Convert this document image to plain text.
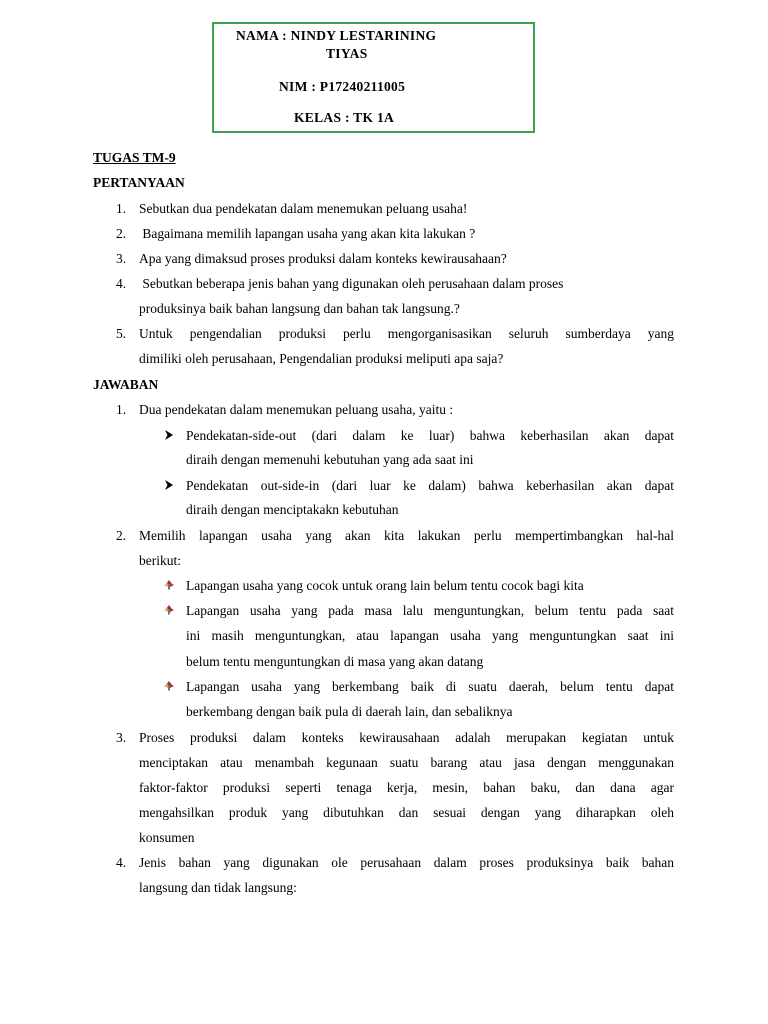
NAMA : NINDY LESTARINING
TIYAS
NIM : P17240211005
KELAS : TK 1A
TUGAS TM-9
PERTANYAAN
1. Sebutkan dua pendekatan dalam menemukan peluang usaha!
2. Bagaimana memilih lapangan usaha yang akan kita lakukan ?
3. Apa yang dimaksud proses produksi dalam konteks kewirausahaan?
4. Sebutkan beberapa jenis bahan yang digunakan oleh perusahaan dalam proses
produksinya baik bahan langsung dan bahan tak langsung.?
5. Untuk pengendalian produksi perlu mengorganisasikan seluruh sumberdaya yang
dimiliki oleh perusahaan, Pengendalian produksi meliputi apa saja?
JAWABAN
1. Dua pendekatan dalam menemukan peluang usaha, yaitu :
Pendekatan-side-out (dari dalam ke luar) bahwa keberhasilan akan dapat
diraih dengan memenuhi kebutuhan yang ada saat ini
Pendekatan out-side-in (dari luar ke dalam) bahwa keberhasilan akan dapat
diraih dengan menciptakakn kebutuhan
2. Memilih lapangan usaha yang akan kita lakukan perlu mempertimbangkan hal-hal
berikut:
Lapangan usaha yang cocok untuk orang lain belum tentu cocok bagi kita
Lapangan usaha yang pada masa lalu menguntungkan, belum tentu pada saat
ini masih menguntungkan, atau lapangan usaha yang menguntungkan saat ini
belum tentu menguntungkan di masa yang akan datang
Lapangan usaha yang berkembang baik di suatu daerah, belum tentu dapat
berkembang dengan baik pula di daerah lain, dan sebaliknya
3. Proses produksi dalam konteks kewirausahaan adalah merupakan kegiatan untuk
menciptakan atau menambah kegunaan suatu barang atau jasa dengan menggunakan
faktor-faktor produksi seperti tenaga kerja, mesin, bahan baku, dan dana agar
mengahsilkan produk yang dibutuhkan dan sesuai dengan yang diharapkan oleh
konsumen
4. Jenis bahan yang digunakan ole perusahaan dalam proses produksinya baik bahan
langsung dan tidak langsung:
